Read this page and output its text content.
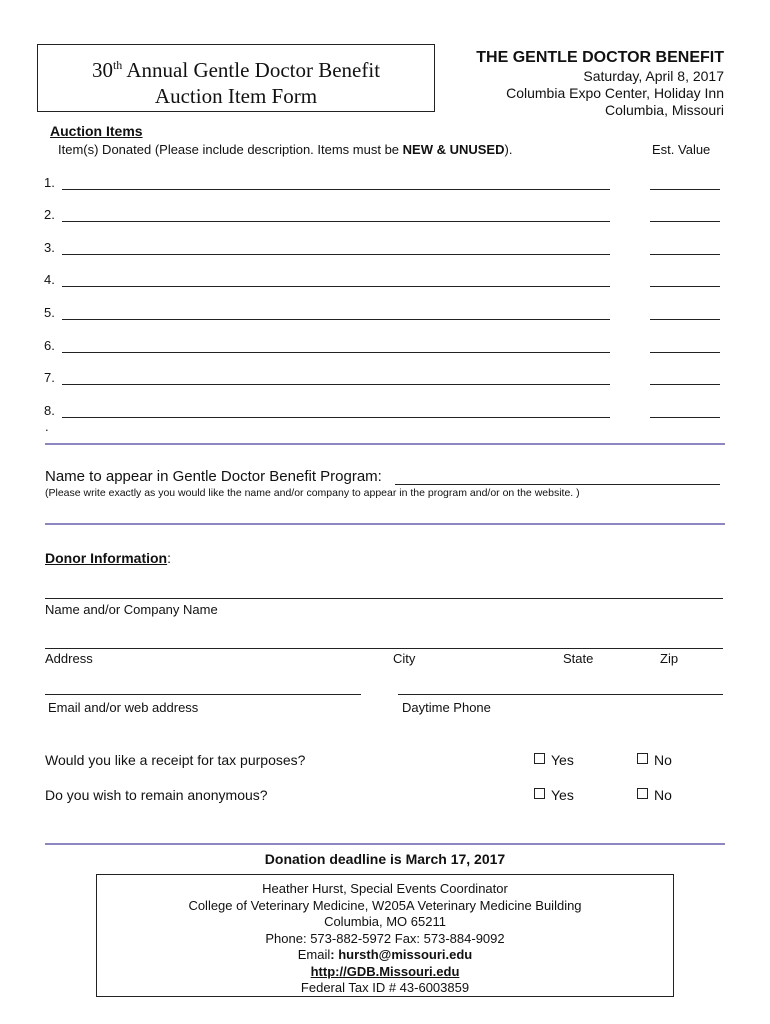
30th Annual Gentle Doctor Benefit
Auction Item Form
THE GENTLE DOCTOR BENEFIT
Saturday, April 8, 2017
Columbia Expo Center, Holiday Inn
Columbia, Missouri
Auction Items
Item(s) Donated (Please include description. Items must be NEW & UNUSED).	Est. Value
1.
2.
3.
4.
5.
6.
7.
8.
.
Name to appear in Gentle Doctor Benefit Program:
(Please write exactly as you would like the name and/or company to appear in the program and/or on the website. )
Donor Information:
Name and/or Company Name
Address	City	State	Zip
Email and/or web address	Daytime Phone
Would you like a receipt for tax purposes?	Yes	No
Do you wish to remain anonymous?	Yes	No
Donation deadline is March 17, 2017
Heather Hurst, Special Events Coordinator
College of Veterinary Medicine, W205A Veterinary Medicine Building
Columbia, MO 65211
Phone: 573-882-5972 Fax: 573-884-9092
Email: hursth@missouri.edu
http://GDB.Missouri.edu
Federal Tax ID # 43-6003859
